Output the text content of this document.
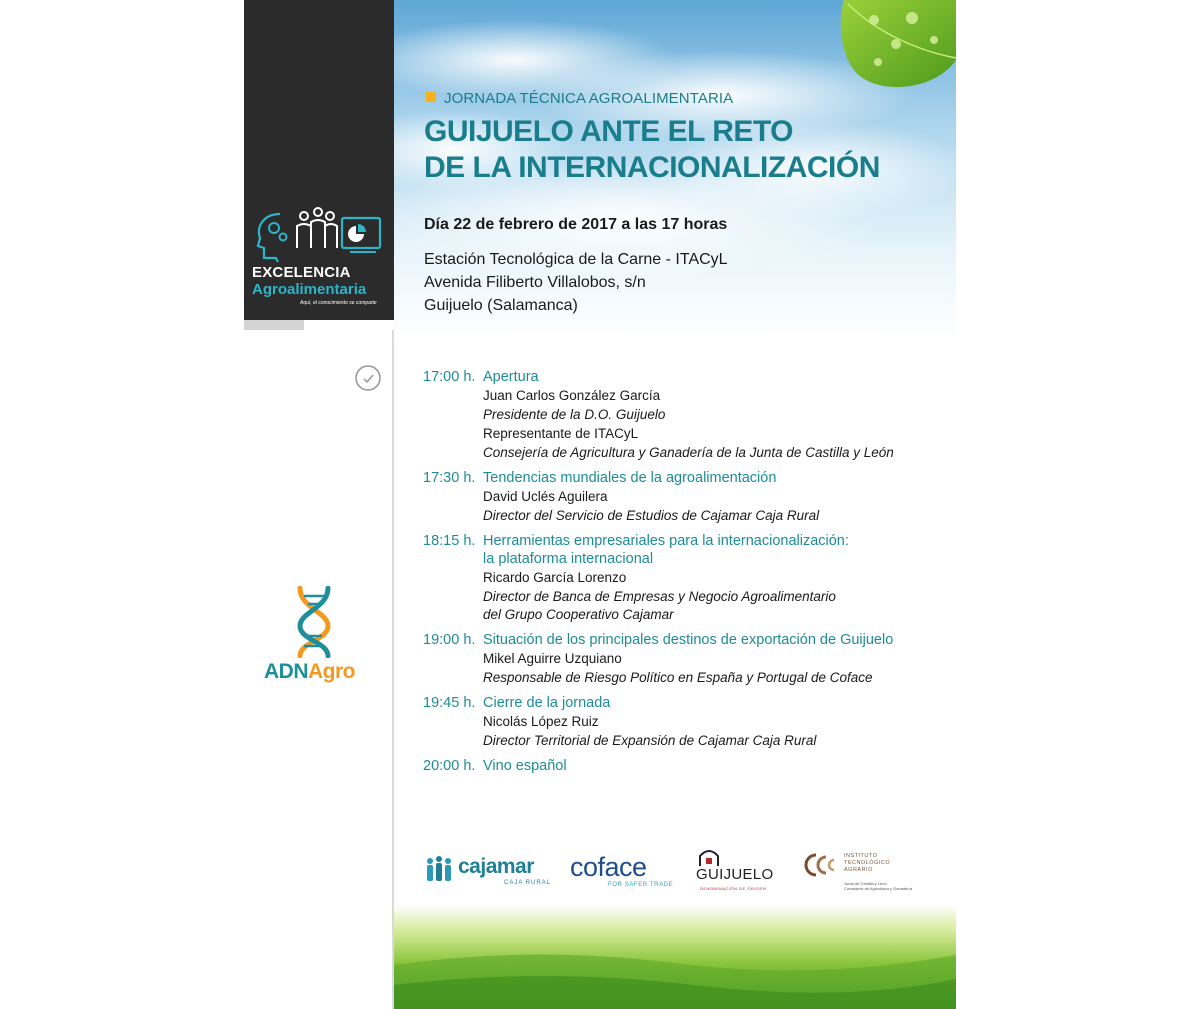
EXCELENCIA
Agroalimentaria
Aquí, el conocimiento se comparte
ADNAgro
JORNADA TÉCNICA AGROALIMENTARIA
GUIJUELO ANTE EL RETO
DE LA INTERNACIONALIZACIÓN
Día 22 de febrero de 2017 a las 17 horas
Estación Tecnológica de la Carne - ITACyL
Avenida Filiberto Villalobos, s/n
Guijuelo (Salamanca)
17:00 h. Apertura
Juan Carlos González García
Presidente de la D.O. Guijuelo
Representante de ITACyL
Consejería de Agricultura y Ganadería de la Junta de Castilla y León
17:30 h. Tendencias mundiales de la agroalimentación
David Uclés Aguilera
Director del Servicio de Estudios de Cajamar Caja Rural
18:15 h. Herramientas empresariales para la internacionalización:
la plataforma internacional
Ricardo García Lorenzo
Director de Banca de Empresas y Negocio Agroalimentario
del Grupo Cooperativo Cajamar
19:00 h. Situación de los principales destinos de exportación de Guijuelo
Mikel Aguirre Uzquiano
Responsable de Riesgo Político en España y Portugal de Coface
19:45 h. Cierre de la jornada
Nicolás López Ruiz
Director Territorial de Expansión de Cajamar Caja Rural
20:00 h. Vino español
cajamar
CAJA RURAL
coface
FOR SAFER TRADE
GUIJUELO
DENOMINACIÓN DE ORIGEN
INSTITUTO
TECNOLÓGICO
AGRARIO
Junta de Castilla y León
Consejería de Agricultura y Ganadería
